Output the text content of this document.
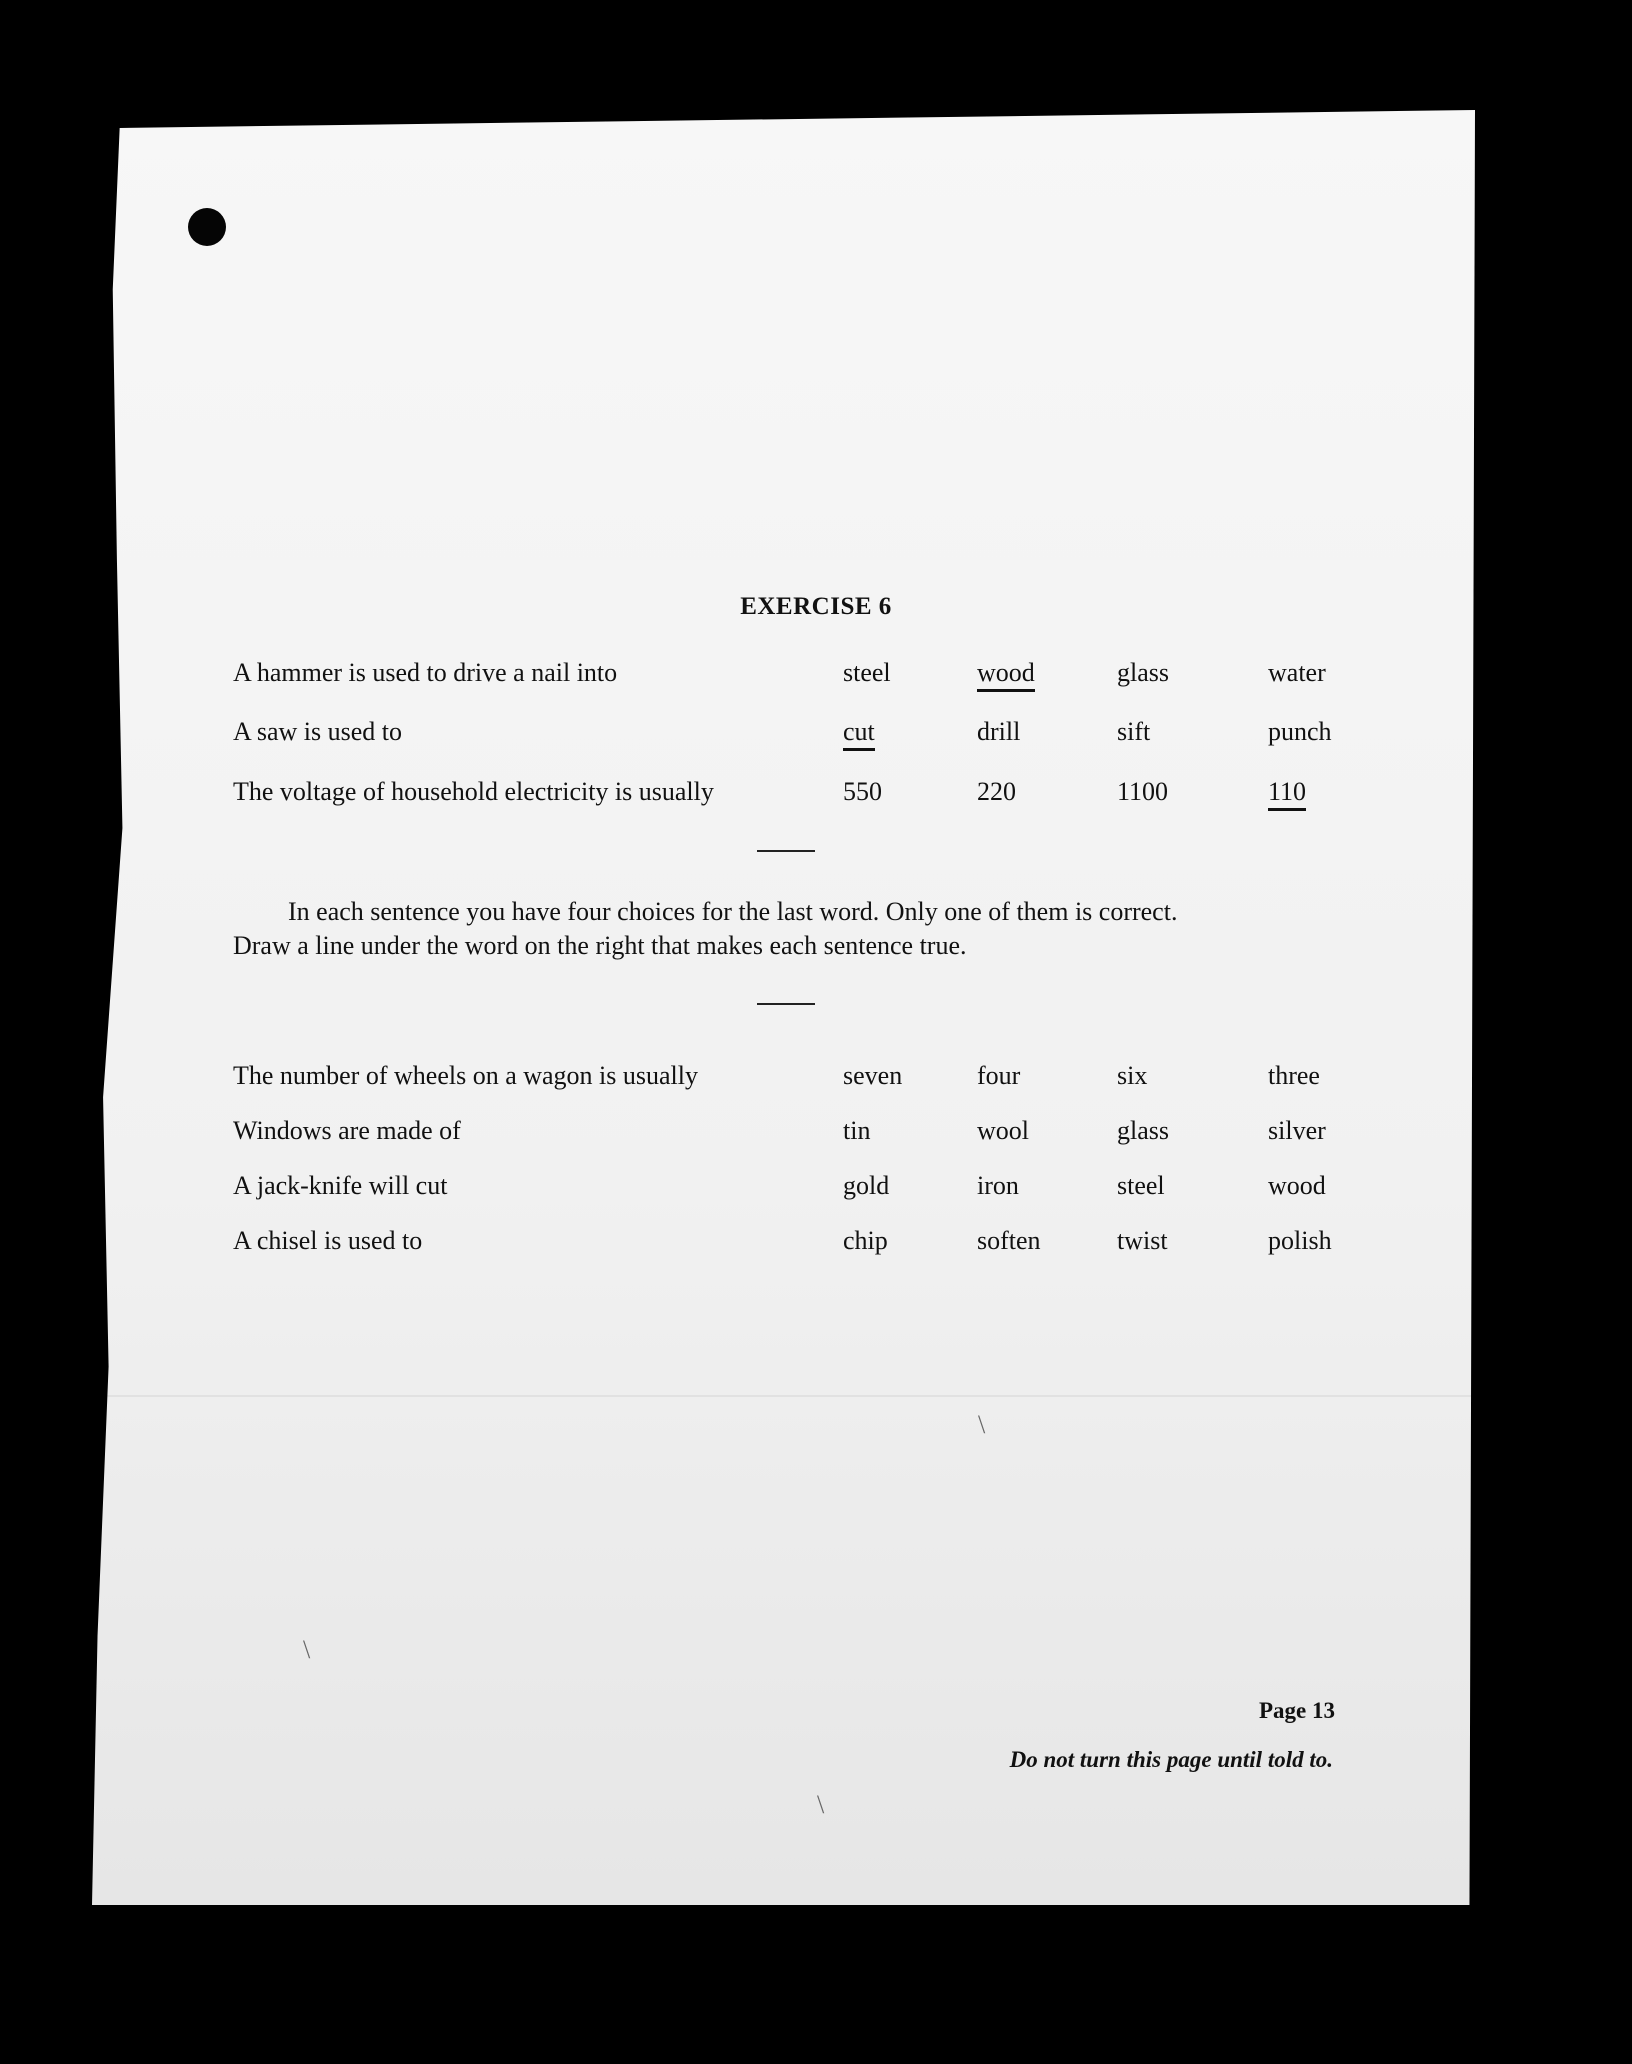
\
\
\
EXERCISE 6
A hammer is used to drive a nail into	steel	wood	glass	water
A saw is used to	cut	drill	sift	punch
The voltage of household electricity is usually	550	220	1100	110
In each sentence you have four choices for the last word. Only one of them is correct.
Draw a line under the word on the right that makes each sentence true.
The number of wheels on a wagon is usually	seven	four	six	three
Windows are made of	tin	wool	glass	silver
A jack-knife will cut	gold	iron	steel	wood
A chisel is used to	chip	soften	twist	polish
Page 13
Do not turn this page until told to.
